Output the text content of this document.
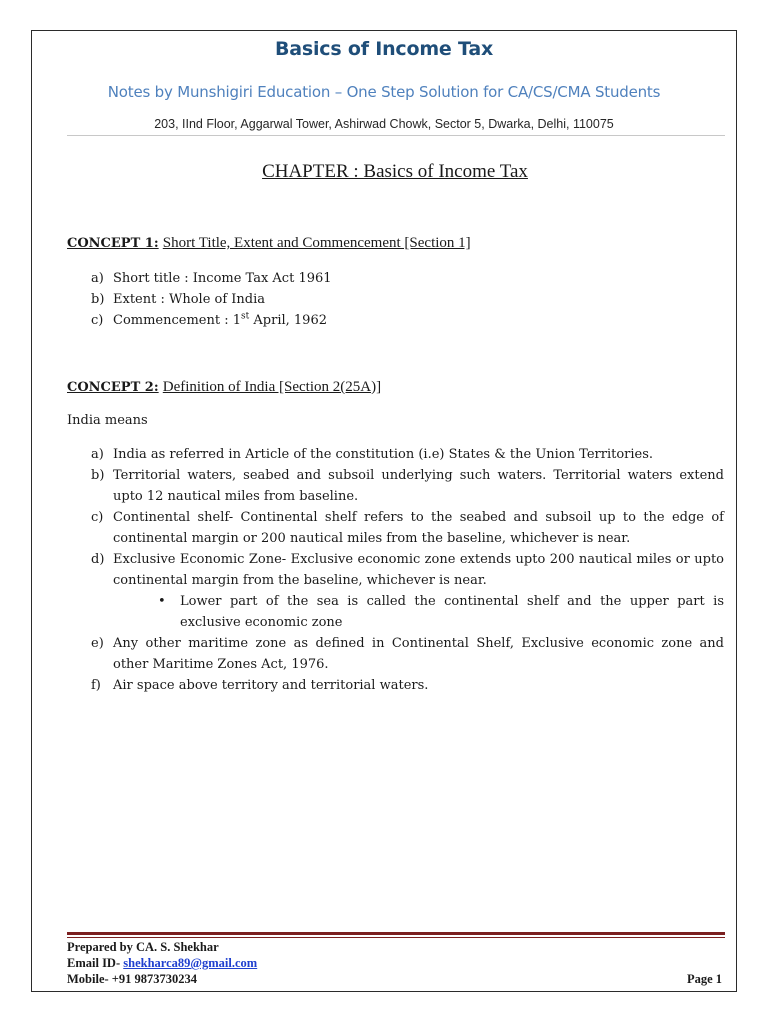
Basics of Income Tax
Notes by Munshigiri Education – One Step Solution for CA/CS/CMA Students
203, IInd Floor, Aggarwal Tower, Ashirwad Chowk, Sector 5, Dwarka, Delhi, 110075
CHAPTER : Basics of Income Tax
CONCEPT 1: Short Title, Extent and Commencement [Section 1]
a) Short title : Income Tax Act 1961
b) Extent : Whole of India
c) Commencement : 1st April, 1962
CONCEPT 2: Definition of India [Section 2(25A)]
India means
a) India as referred in Article of the constitution (i.e) States & the Union Territories.
b) Territorial waters, seabed and subsoil underlying such waters. Territorial waters extend upto 12 nautical miles from baseline.
c) Continental shelf- Continental shelf refers to the seabed and subsoil up to the edge of continental margin or 200 nautical miles from the baseline, whichever is near.
d) Exclusive Economic Zone- Exclusive economic zone extends upto 200 nautical miles or upto continental margin from the baseline, whichever is near.
•	Lower part of the sea is called the continental shelf and the upper part is exclusive economic zone
e) Any other maritime zone as defined in Continental Shelf, Exclusive economic zone and other Maritime Zones Act, 1976.
f) Air space above territory and territorial waters.
Prepared by CA. S. Shekhar
Email ID- shekharca89@gmail.com
Mobile- +91 9873730234	Page 1
